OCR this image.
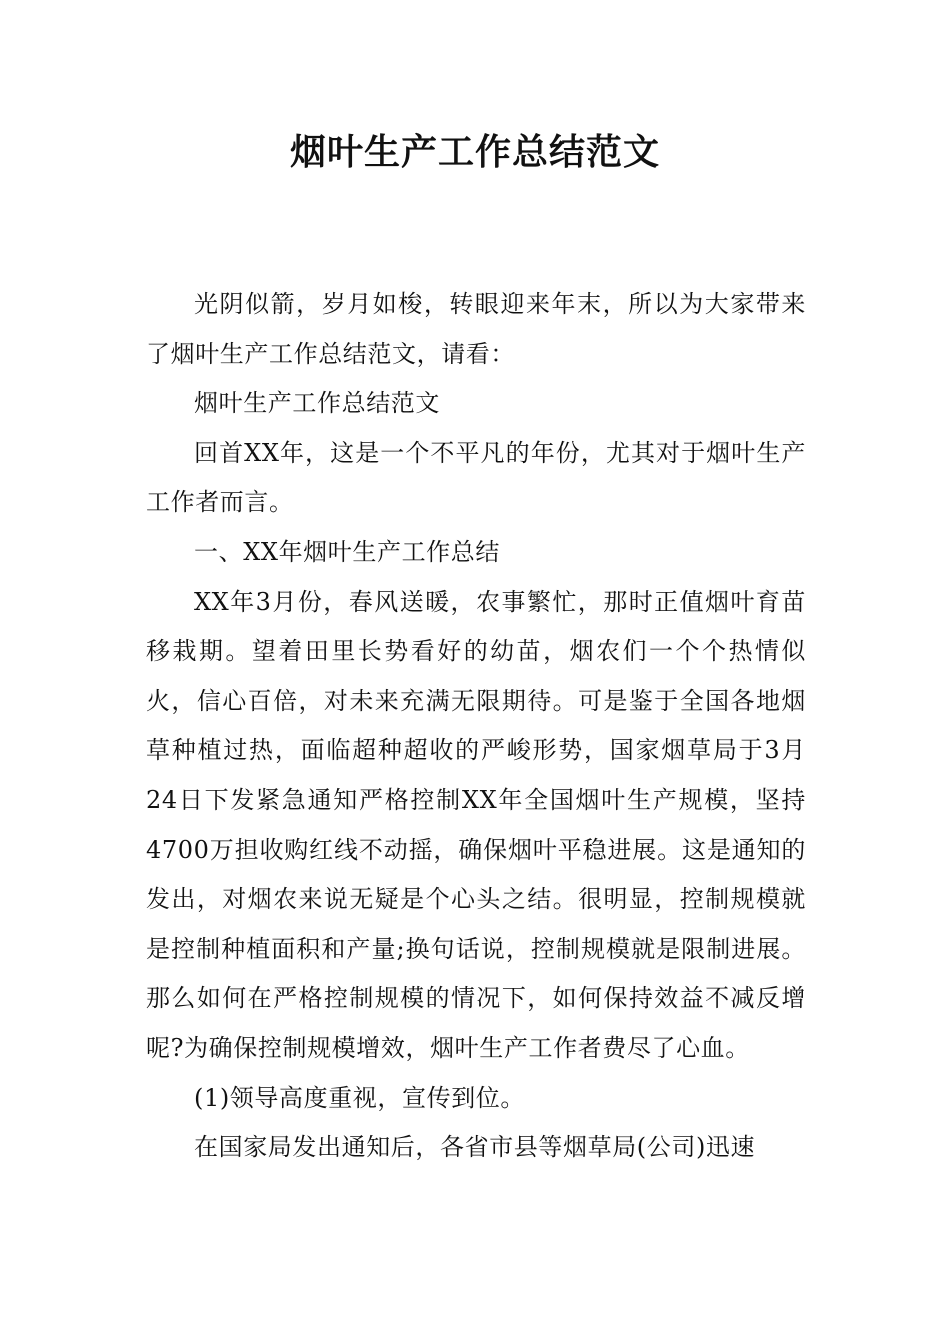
烟叶生产工作总结范文

光阴似箭，岁月如梭，转眼迎来年末，所以为大家带来了烟叶生产工作总结范文，请看：

烟叶生产工作总结范文

回首XX年，这是一个不平凡的年份，尤其对于烟叶生产工作者而言。

一、XX年烟叶生产工作总结

XX年3月份，春风送暖，农事繁忙，那时正值烟叶育苗移栽期。望着田里长势看好的幼苗，烟农们一个个热情似火，信心百倍，对未来充满无限期待。可是鉴于全国各地烟草种植过热，面临超种超收的严峻形势，国家烟草局于3月24日下发紧急通知严格控制XX年全国烟叶生产规模，坚持4700万担收购红线不动摇，确保烟叶平稳进展。这是通知的发出，对烟农来说无疑是个心头之结。很明显，控制规模就是控制种植面积和产量;换句话说，控制规模就是限制进展。那么如何在严格控制规模的情况下，如何保持效益不减反增呢?为确保控制规模增效，烟叶生产工作者费尽了心血。

(1)领导高度重视，宣传到位。

在国家局发出通知后，各省市县等烟草局(公司)迅速
